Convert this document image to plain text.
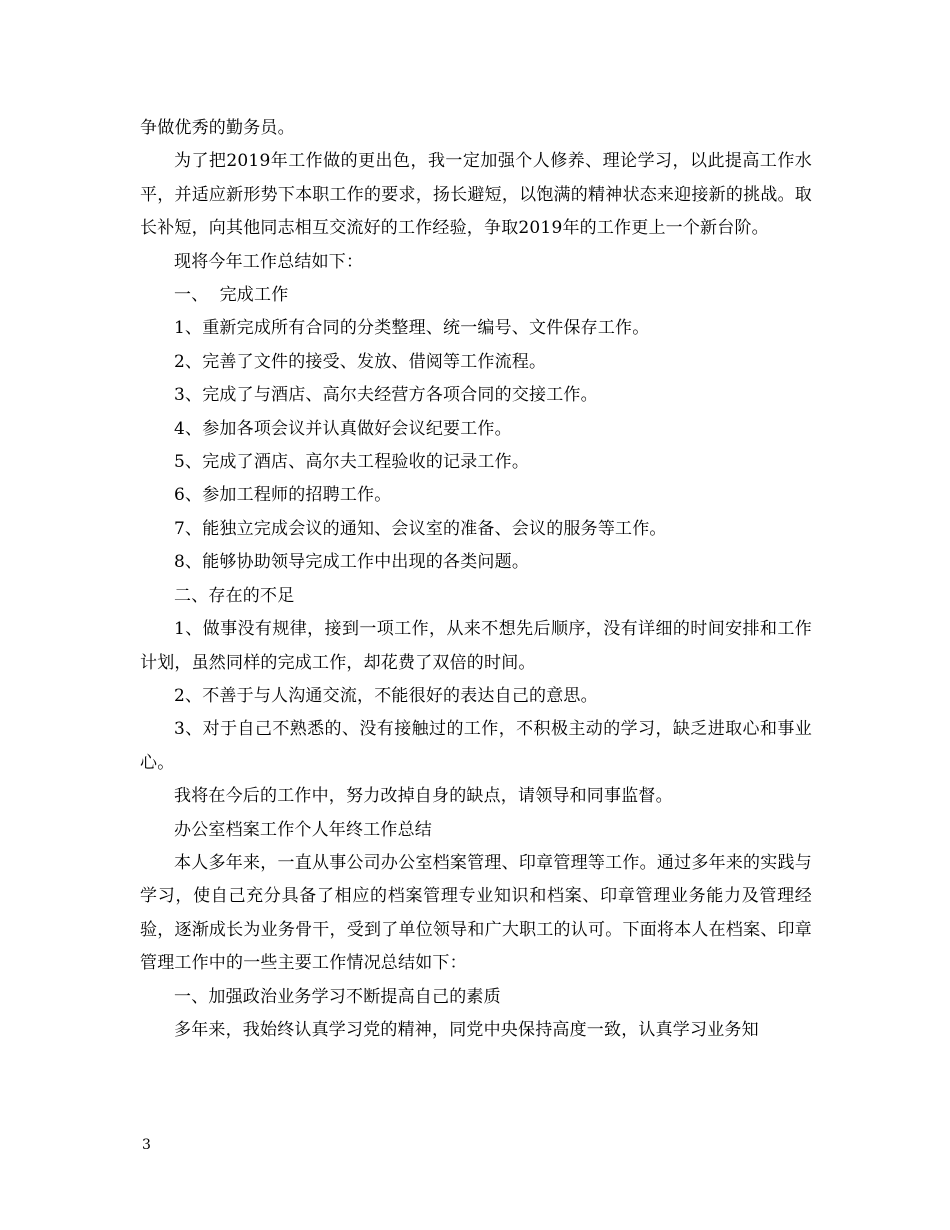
争做优秀的勤务员。

为了把2019年工作做的更出色，我一定加强个人修养、理论学习，以此提高工作水平，并适应新形势下本职工作的要求，扬长避短，以饱满的精神状态来迎接新的挑战。取长补短，向其他同志相互交流好的工作经验，争取2019年的工作更上一个新台阶。

现将今年工作总结如下：

一、  完成工作

1、重新完成所有合同的分类整理、统一编号、文件保存工作。

2、完善了文件的接受、发放、借阅等工作流程。

3、完成了与酒店、高尔夫经营方各项合同的交接工作。

4、参加各项会议并认真做好会议纪要工作。

5、完成了酒店、高尔夫工程验收的记录工作。

6、参加工程师的招聘工作。

7、能独立完成会议的通知、会议室的准备、会议的服务等工作。

8、能够协助领导完成工作中出现的各类问题。

二、存在的不足

1、做事没有规律，接到一项工作，从来不想先后顺序，没有详细的时间安排和工作计划，虽然同样的完成工作，却花费了双倍的时间。

2、不善于与人沟通交流，不能很好的表达自己的意思。

3、对于自己不熟悉的、没有接触过的工作，不积极主动的学习，缺乏进取心和事业心。

我将在今后的工作中，努力改掉自身的缺点，请领导和同事监督。

办公室档案工作个人年终工作总结

本人多年来，一直从事公司办公室档案管理、印章管理等工作。通过多年来的实践与学习，使自己充分具备了相应的档案管理专业知识和档案、印章管理业务能力及管理经验，逐渐成长为业务骨干，受到了单位领导和广大职工的认可。下面将本人在档案、印章管理工作中的一些主要工作情况总结如下：

一、加强政治业务学习不断提高自己的素质

多年来，我始终认真学习党的精神，同党中央保持高度一致，认真学习业务知

3
